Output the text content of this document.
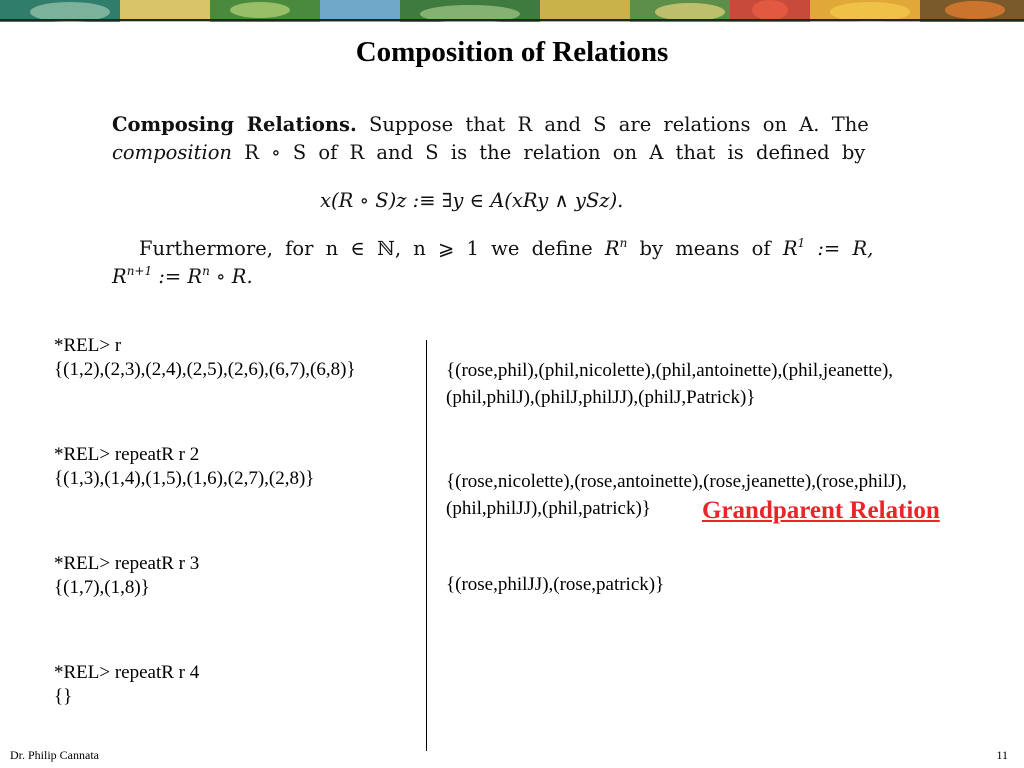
Composition of Relations
Composing Relations. Suppose that R and S are relations on A. The
composition R ∘ S of R and S is the relation on A that is defined by
x(R ∘ S)z :≡ ∃y ∈ A(xRy ∧ ySz).
Furthermore, for n ∈ ℕ, n ⩾ 1 we define $R^n$ by means of $R^1$ := R,
$R^{n+1}$ := $R^n$ ∘ R.
*REL> r
{(1,2),(2,3),(2,4),(2,5),(2,6),(6,7),(6,8)}
*REL> repeatR r 2
{(1,3),(1,4),(1,5),(1,6),(2,7),(2,8)}
*REL> repeatR r 3
{(1,7),(1,8)}
*REL> repeatR r 4
{}
{(rose,phil),(phil,nicolette),(phil,antoinette),(phil,jeanette),
(phil,philJ),(philJ,philJJ),(philJ,Patrick)}
{(rose,nicolette),(rose,antoinette),(rose,jeanette),(rose,philJ),
(phil,philJJ),(phil,patrick)}
{(rose,philJJ),(rose,patrick)}
Grandparent Relation
Dr. Philip Cannata	11
